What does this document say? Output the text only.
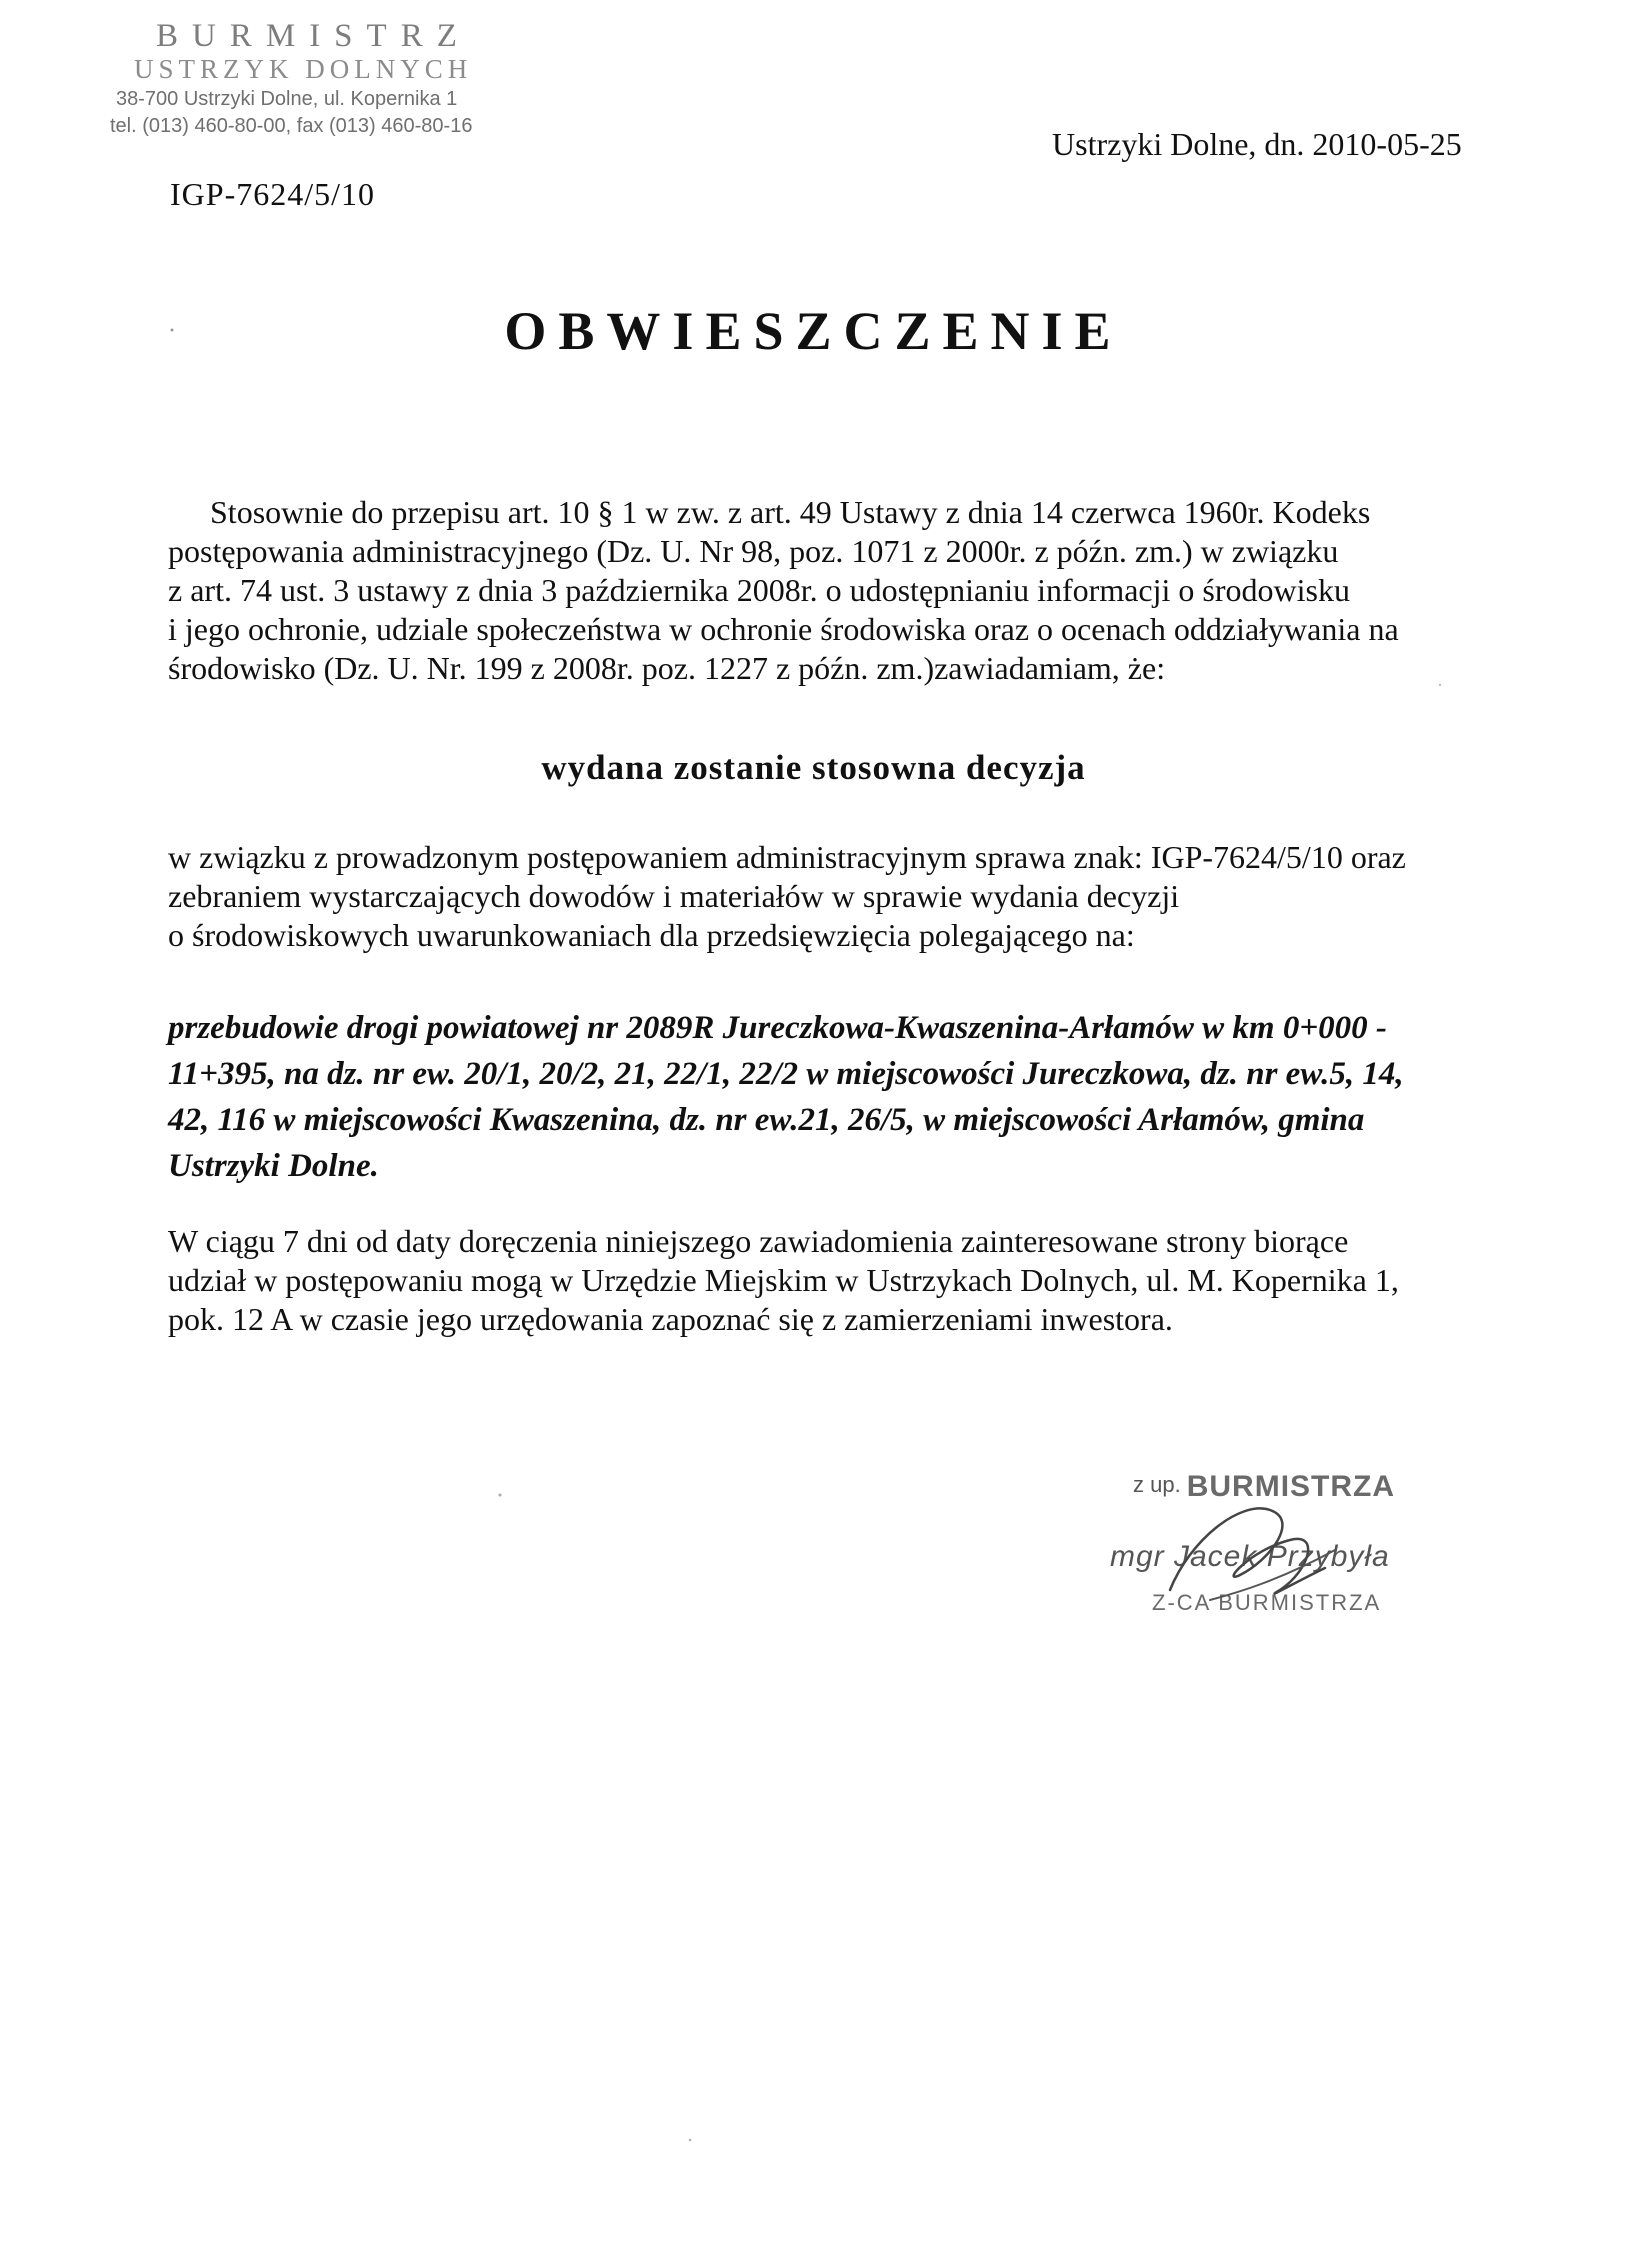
BURMISTRZ
USTRZYK DOLNYCH
38-700 Ustrzyki Dolne, ul. Kopernika 1
tel. (013) 460-80-00, fax (013) 460-80-16	Ustrzyki Dolne, dn. 2010-05-25
IGP-7624/5/10
OBWIESZCZENIE
Stosownie do przepisu art. 10 § 1 w zw. z art. 49 Ustawy z dnia 14 czerwca 1960r. Kodeks
postępowania administracyjnego (Dz. U. Nr 98, poz. 1071 z 2000r. z późn. zm.) w związku
z art. 74 ust. 3 ustawy z dnia 3 października 2008r. o udostępnianiu informacji o środowisku
i jego ochronie, udziale społeczeństwa w ochronie środowiska oraz o ocenach oddziaływania na
środowisko (Dz. U. Nr. 199 z 2008r. poz. 1227 z późn. zm.)zawiadamiam, że:
wydana zostanie stosowna decyzja
w związku z prowadzonym postępowaniem administracyjnym sprawa znak: IGP-7624/5/10 oraz
zebraniem wystarczających dowodów i materiałów w sprawie wydania decyzji
o środowiskowych uwarunkowaniach dla przedsięwzięcia polegającego na:
przebudowie drogi powiatowej nr 2089R Jureczkowa-Kwaszenina-Arłamów w km 0+000 -
11+395, na dz. nr ew. 20/1, 20/2, 21, 22/1, 22/2 w miejscowości Jureczkowa, dz. nr ew.5, 14,
42, 116 w miejscowości Kwaszenina, dz. nr ew.21, 26/5, w miejscowości Arłamów, gmina
Ustrzyki Dolne.
W ciągu 7 dni od daty doręczenia niniejszego zawiadomienia zainteresowane strony biorące
udział w postępowaniu mogą w Urzędzie Miejskim w Ustrzykach Dolnych, ul. M. Kopernika 1,
pok. 12 A w czasie jego urzędowania zapoznać się z zamierzeniami inwestora.
z up. BURMISTRZA
mgr Jacek Przybyła
Z-CA BURMISTRZA
